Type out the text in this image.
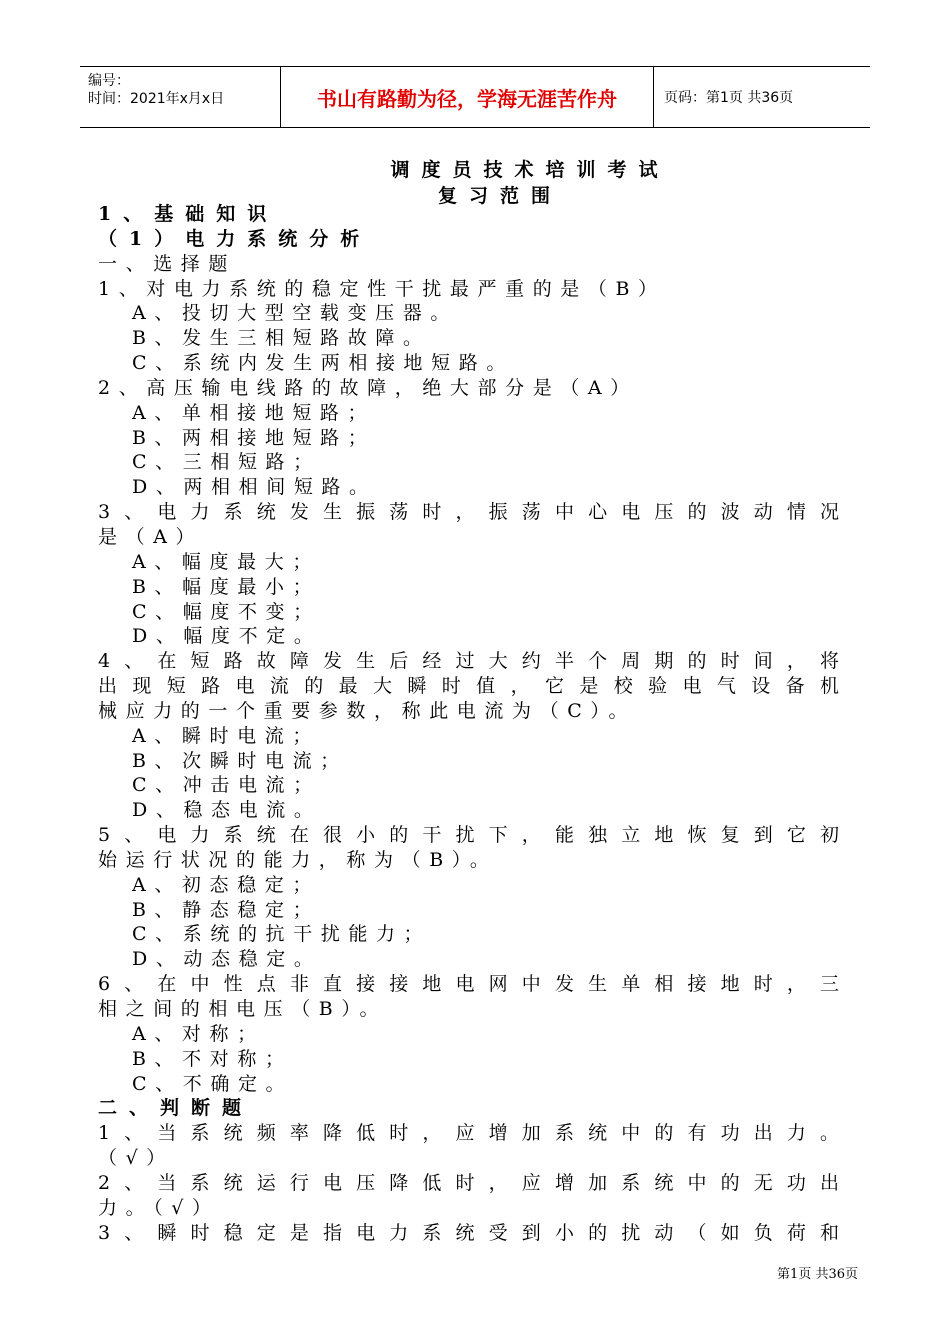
编号：
时间：2021年x月x日	书山有路勤为径，学海无涯苦作舟	页码：第1页 共36页
调度员技术培训考试
复习范围
1、基础知识
（1）电力系统分析
一、选择题
1、对电力系统的稳定性干扰最严重的是（B）
A、投切大型空载变压器。
B、发生三相短路故障。
C、系统内发生两相接地短路。
2、高压输电线路的故障，绝大部分是（A）
A、单相接地短路；
B、两相接地短路；
C、三相短路；
D、两相相间短路。
3、电力系统发生振荡时，振荡中心电压的波动情况
是（A）
A、幅度最大；
B、幅度最小；
C、幅度不变；
D、幅度不定。
4、在短路故障发生后经过大约半个周期的时间，将
出现短路电流的最大瞬时值，它是校验电气设备机
械应力的一个重要参数，称此电流为（C）。
A、瞬时电流；
B、次瞬时电流；
C、冲击电流；
D、稳态电流。
5、电力系统在很小的干扰下，能独立地恢复到它初
始运行状况的能力，称为（B）。
A、初态稳定；
B、静态稳定；
C、系统的抗干扰能力；
D、动态稳定。
6、在中性点非直接接地电网中发生单相接地时，三
相之间的相电压（B）。
A、对称；
B、不对称；
C、不确定。
二、判断题
1、当系统频率降低时，应增加系统中的有功出力。
（√）
2、当系统运行电压降低时，应增加系统中的无功出
力。（√）
3、瞬时稳定是指电力系统受到小的扰动（如负荷和
第1页 共36页
